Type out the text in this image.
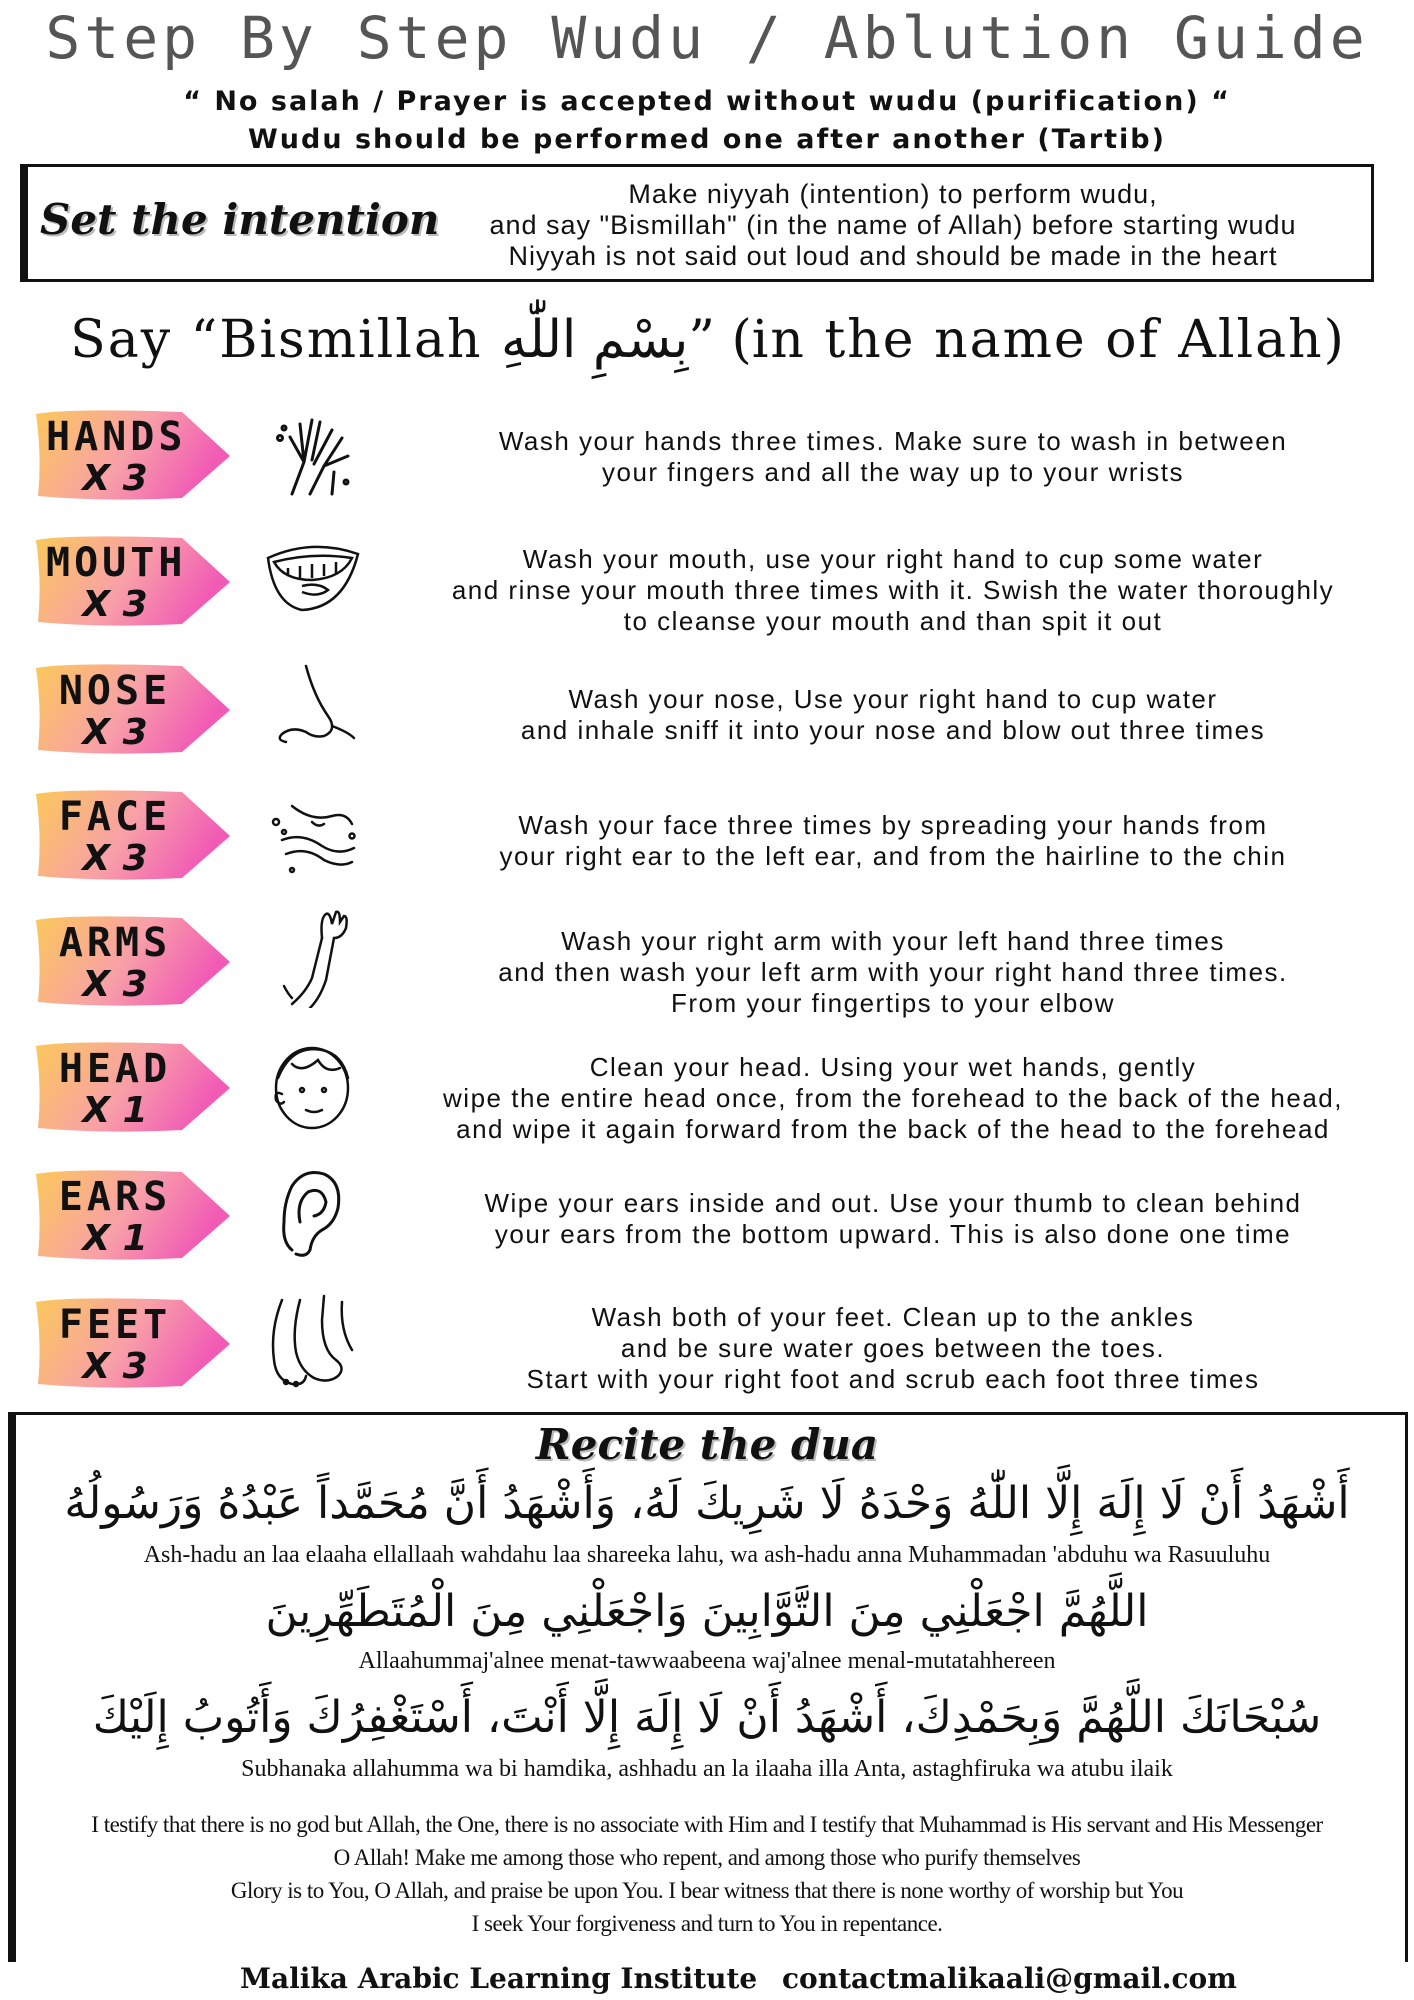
Step By Step Wudu / Ablution Guide
“ No salah / Prayer is accepted without wudu (purification) “
Wudu should be performed one after another (Tartib)
Set the intention
Make niyyah (intention) to perform wudu,
and say "Bismillah" (in the name of Allah) before starting wudu
Niyyah is not said out loud and should be made in the heart
Say “Bismillah بِسْمِ اللّٰهِ” (in the name of Allah)
HANDS
X 3
Wash your hands three times. Make sure to wash in between
your fingers and all the way up to your wrists
MOUTH
X 3
Wash your mouth, use your right hand to cup some water
and rinse your mouth three times with it. Swish the water thoroughly
to cleanse your mouth and than spit it out
NOSE
X 3
Wash your nose, Use your right hand to cup water
and inhale sniff it into your nose and blow out three times
FACE
X 3
Wash your face three times by spreading your hands from
your right ear to the left ear, and from the hairline to the chin
ARMS
X 3
Wash your right arm with your left hand three times
and then wash your left arm with your right hand three times.
From your fingertips to your elbow
HEAD
X 1
Clean your head. Using your wet hands, gently
wipe the entire head once, from the forehead to the back of the head,
and wipe it again forward from the back of the head to the forehead
EARS
X 1
Wipe your ears inside and out. Use your thumb to clean behind
your ears from the bottom upward. This is also done one time
FEET
X 3
Wash both of your feet. Clean up to the ankles
and be sure water goes between the toes.
Start with your right foot and scrub each foot three times
Recite the dua
أَشْهَدُ أَنْ لَا إِلَهَ إِلَّا اللّٰهُ وَحْدَهُ لَا شَرِيكَ لَهُ، وَأَشْهَدُ أَنَّ مُحَمَّداً عَبْدُهُ وَرَسُولُهُ
Ash-hadu an laa elaaha ellallaah wahdahu laa shareeka lahu, wa ash-hadu anna Muhammadan 'abduhu wa Rasuuluhu
اللَّهُمَّ اجْعَلْنِي مِنَ التَّوَّابِينَ وَاجْعَلْنِي مِنَ الْمُتَطَهِّرِينَ
Allaahummaj'alnee menat-tawwaabeena waj'alnee menal-mutatahhereen
سُبْحَانَكَ اللَّهُمَّ وَبِحَمْدِكَ، أَشْهَدُ أَنْ لَا إِلَهَ إِلَّا أَنْتَ، أَسْتَغْفِرُكَ وَأَتُوبُ إِلَيْكَ
Subhanaka allahumma wa bi hamdika, ashhadu an la ilaaha illa Anta, astaghfiruka wa atubu ilaik
I testify that there is no god but Allah, the One, there is no associate with Him and I testify that Muhammad is His servant and His Messenger
O Allah! Make me among those who repent, and among those who purify themselves
Glory is to You, O Allah, and praise be upon You. I bear witness that there is none worthy of worship but You
I seek Your forgiveness and turn to You in repentance.
Malika Arabic Learning Institute contactmalikaali@gmail.com
